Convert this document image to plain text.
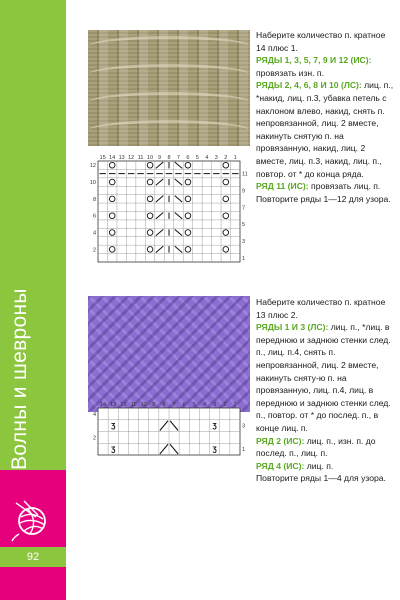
Волны и шевроны
92
15 14 13 12 11 10 9 8 7 6 5 4 3 2 1
12
11
10
9
8
7
6
5
4
3
2
1

Наберите количество п. кратное 14 плюс 1.

РЯДЫ 1, 3, 5, 7, 9 И 12 (ИС): провязать изн. п.

РЯДЫ 2, 4, 6, 8 И 10 (ЛС): лиц. п., *накид, лиц. п.3, убавка петель с наклоном влево, накид, снять п. непровязанной, лиц. 2 вместе, накинуть снятую п. на провязанную, накид, лиц. 2 вместе, лиц. п.3, накид, лиц. п., повтор. от * до конца ряда.

РЯД 11 (ИС): провязать лиц. п.

Повторите ряды 1—12 для узора.

14 13 12 11 10 9 8 7 6 5 4 3 2 1
4
3
Ʒ	Ʒ
2
1
Ʒ	Ʒ

Наберите количество п. кратное 13 плюс 2.

РЯДЫ 1 И 3 (ЛС): лиц. п., *лиц. в переднюю и заднюю стенки след. п., лиц. п.4, снять п. непровязанной, лиц. 2 вместе, накинуть сняту-ю п. на провязанную, лиц. п.4, лиц. в переднюю и заднюю стенки след. п., повтор. от * до послед. п., в конце лиц. п.

РЯД 2 (ИС): лиц. п., изн. п. до послед. п., лиц. п.

РЯД 4 (ИС): лиц. п.

Повторите ряды 1—4 для узора.
